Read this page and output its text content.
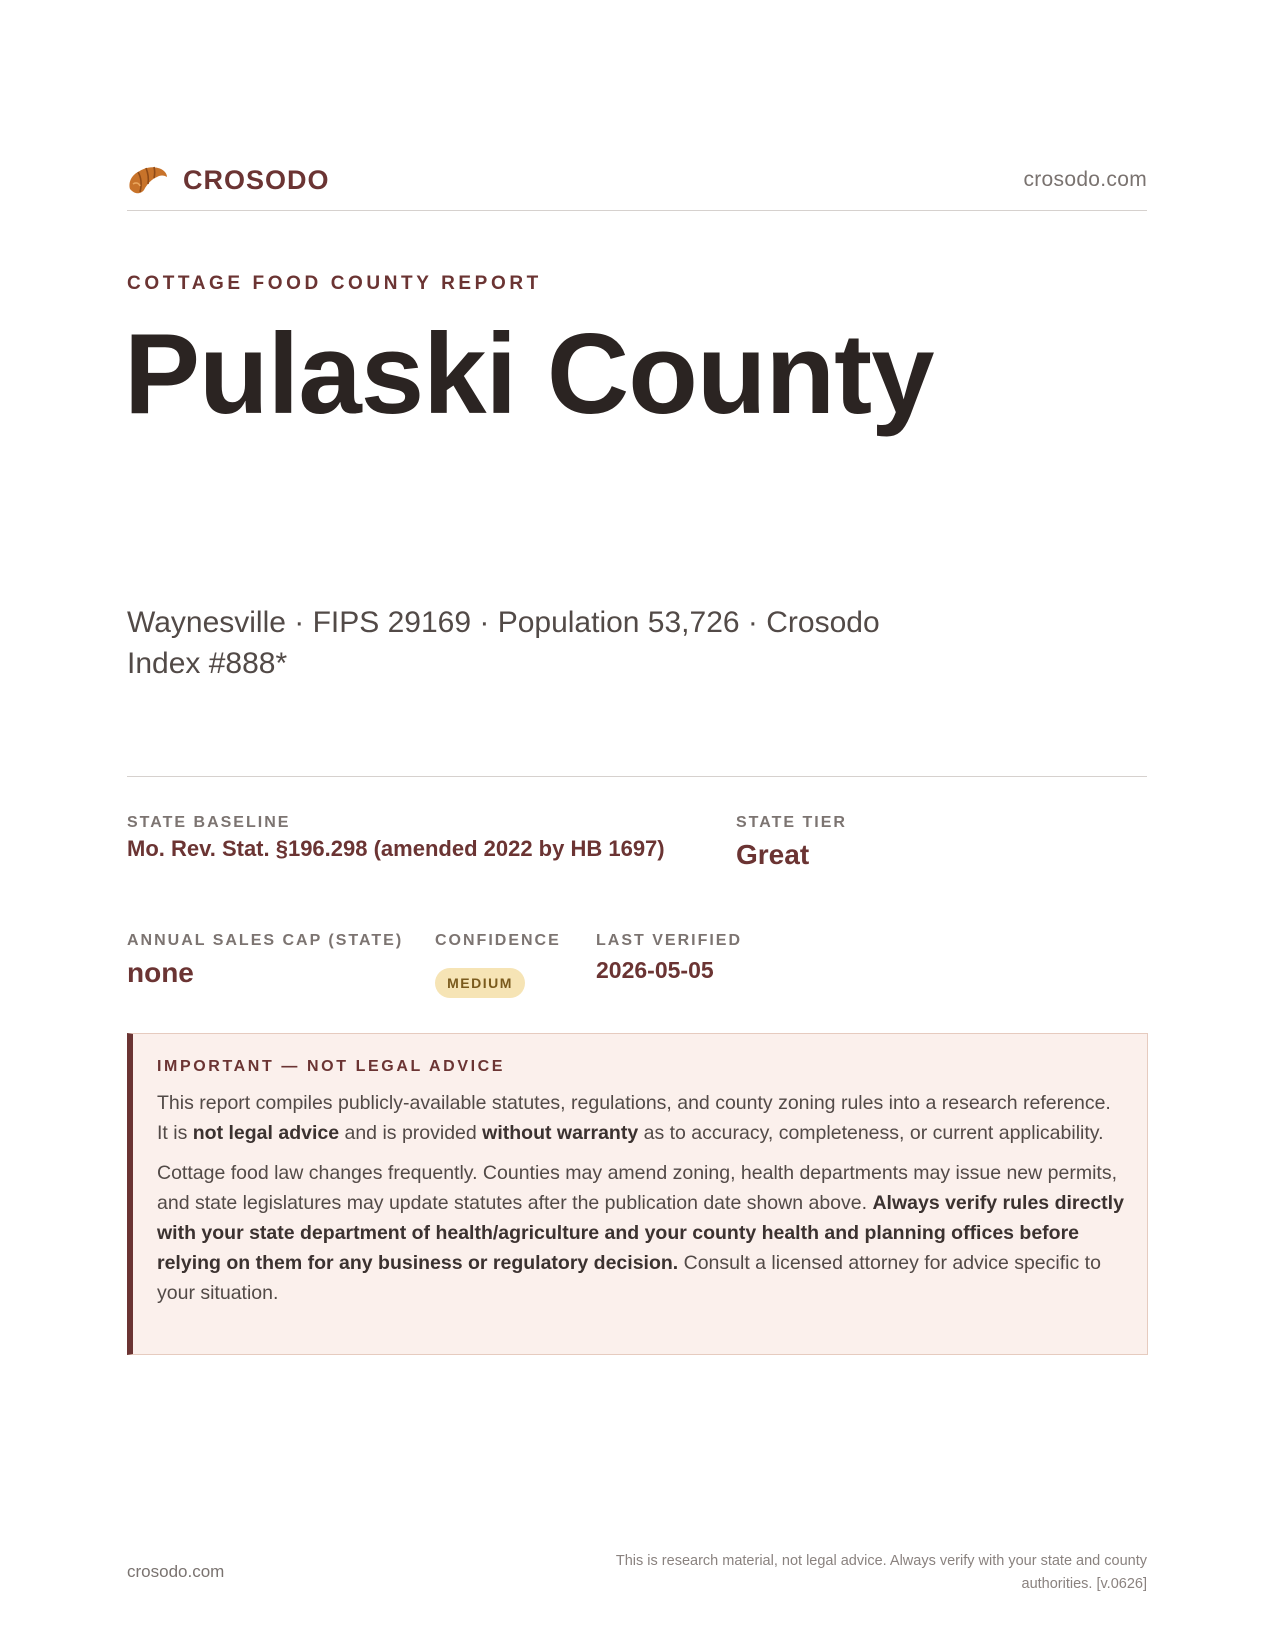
CROSODO	crosodo.com
COTTAGE FOOD COUNTY REPORT
Pulaski County
Waynesville · FIPS 29169 · Population 53,726 · Crosodo Index #888*
STATE BASELINE
Mo. Rev. Stat. §196.298 (amended 2022 by HB 1697)
STATE TIER
Great
ANNUAL SALES CAP (STATE)
none
CONFIDENCE
MEDIUM
LAST VERIFIED
2026-05-05
IMPORTANT — NOT LEGAL ADVICE

This report compiles publicly-available statutes, regulations, and county zoning rules into a research reference. It is not legal advice and is provided without warranty as to accuracy, completeness, or current applicability.

Cottage food law changes frequently. Counties may amend zoning, health departments may issue new permits, and state legislatures may update statutes after the publication date shown above. Always verify rules directly with your state department of health/agriculture and your county health and planning offices before relying on them for any business or regulatory decision. Consult a licensed attorney for advice specific to your situation.

crosodo.com
This is research material, not legal advice. Always verify with your state and county authorities. [v.0626]
